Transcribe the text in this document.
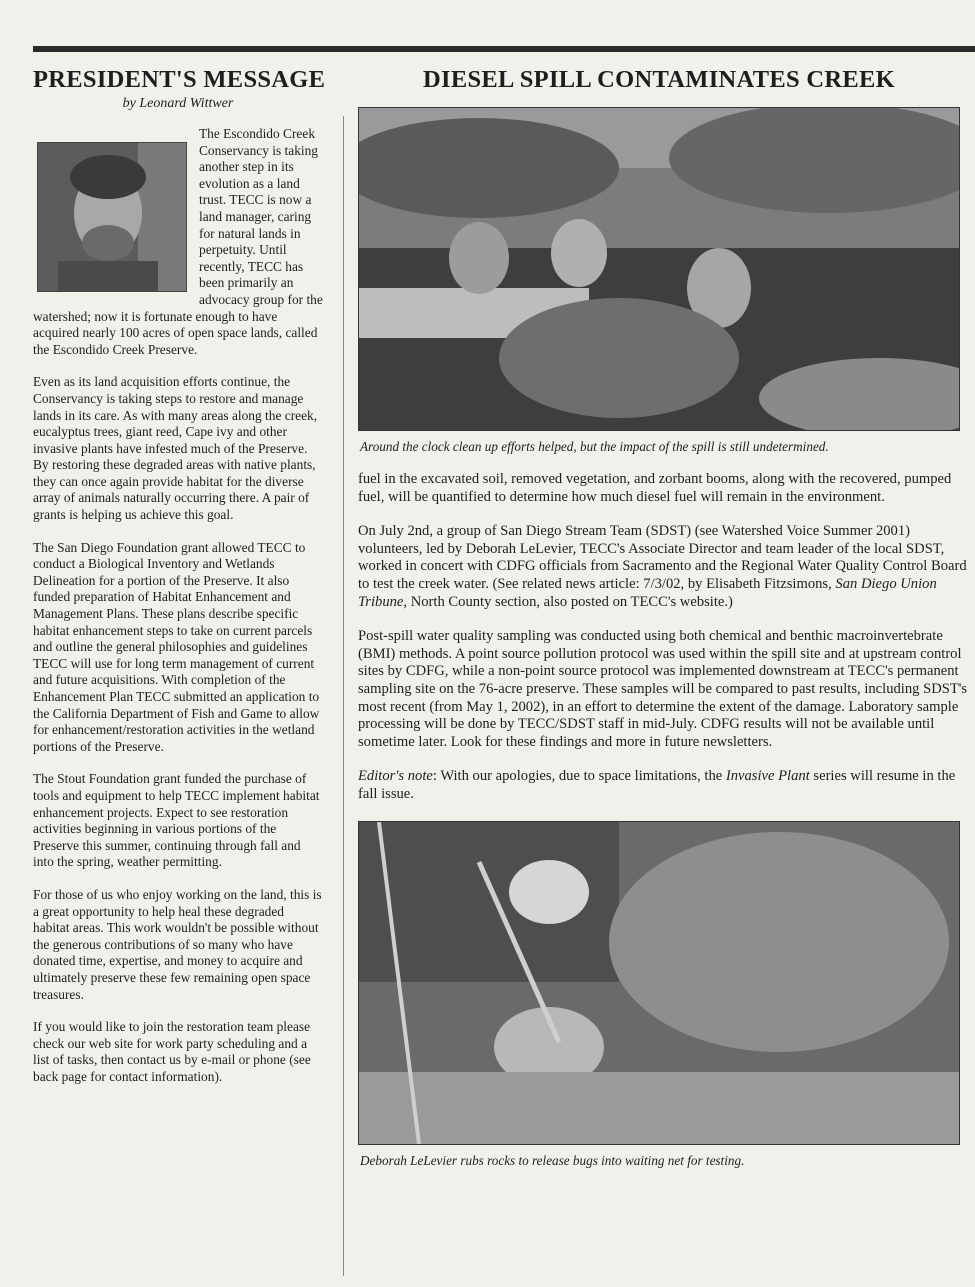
PRESIDENT'S MESSAGE
by Leonard Wittwer

The Escondido Creek Conservancy is taking another step in its evolution as a land trust. TECC is now a land manager, caring for natural lands in perpetuity. Until recently, TECC has been primarily an advocacy group for the watershed; now it is fortunate enough to have acquired nearly 100 acres of open space lands, called the Escondido Creek Preserve.

Even as its land acquisition efforts continue, the Conservancy is taking steps to restore and manage lands in its care. As with many areas along the creek, eucalyptus trees, giant reed, Cape ivy and other invasive plants have infested much of the Preserve. By restoring these degraded areas with native plants, they can once again provide habitat for the diverse array of animals naturally occurring there. A pair of grants is helping us achieve this goal.

The San Diego Foundation grant allowed TECC to conduct a Biological Inventory and Wetlands Delineation for a portion of the Preserve. It also funded preparation of Habitat Enhancement and Management Plans. These plans describe specific habitat enhancement steps to take on current parcels and outline the general philosophies and guidelines TECC will use for long term management of current and future acquisitions. With completion of the Enhancement Plan TECC submitted an application to the California Department of Fish and Game to allow for enhancement/restoration activities in the wetland portions of the Preserve.

The Stout Foundation grant funded the purchase of tools and equipment to help TECC implement habitat enhancement projects. Expect to see restoration activities beginning in various portions of the Preserve this summer, continuing through fall and into the spring, weather permitting.

For those of us who enjoy working on the land, this is a great opportunity to help heal these degraded habitat areas. This work wouldn't be possible without the generous contributions of so many who have donated time, expertise, and money to acquire and ultimately preserve these few remaining open space treasures.

If you would like to join the restoration team please check our web site for work party scheduling and a list of tasks, then contact us by e-mail or phone (see back page for contact information).

DIESEL SPILL CONTAMINATES CREEK
Around the clock clean up efforts helped, but the impact of the spill is still undetermined.

fuel in the excavated soil, removed vegetation, and zorbant booms, along with the recovered, pumped fuel, will be quantified to determine how much diesel fuel will remain in the environment.

On July 2nd, a group of San Diego Stream Team (SDST) (see Watershed Voice Summer 2001) volunteers, led by Deborah LeLevier, TECC's Associate Director and team leader of the local SDST, worked in concert with CDFG officials from Sacramento and the Regional Water Quality Control Board to test the creek water. (See related news article: 7/3/02, by Elisabeth Fitzsimons, San Diego Union Tribune, North County section, also posted on TECC's website.)

Post-spill water quality sampling was conducted using both chemical and benthic macroinvertebrate (BMI) methods. A point source pollution protocol was used within the spill site and at upstream control sites by CDFG, while a non-point source protocol was implemented downstream at TECC's permanent sampling site on the 76-acre preserve. These samples will be compared to past results, including SDST's most recent (from May 1, 2002), in an effort to determine the extent of the damage. Laboratory sample processing will be done by TECC/SDST staff in mid-July. CDFG results will not be available until sometime later. Look for these findings and more in future newsletters.

Editor's note: With our apologies, due to space limitations, the Invasive Plant series will resume in the fall issue.

Deborah LeLevier rubs rocks to release bugs into waiting net for testing.
